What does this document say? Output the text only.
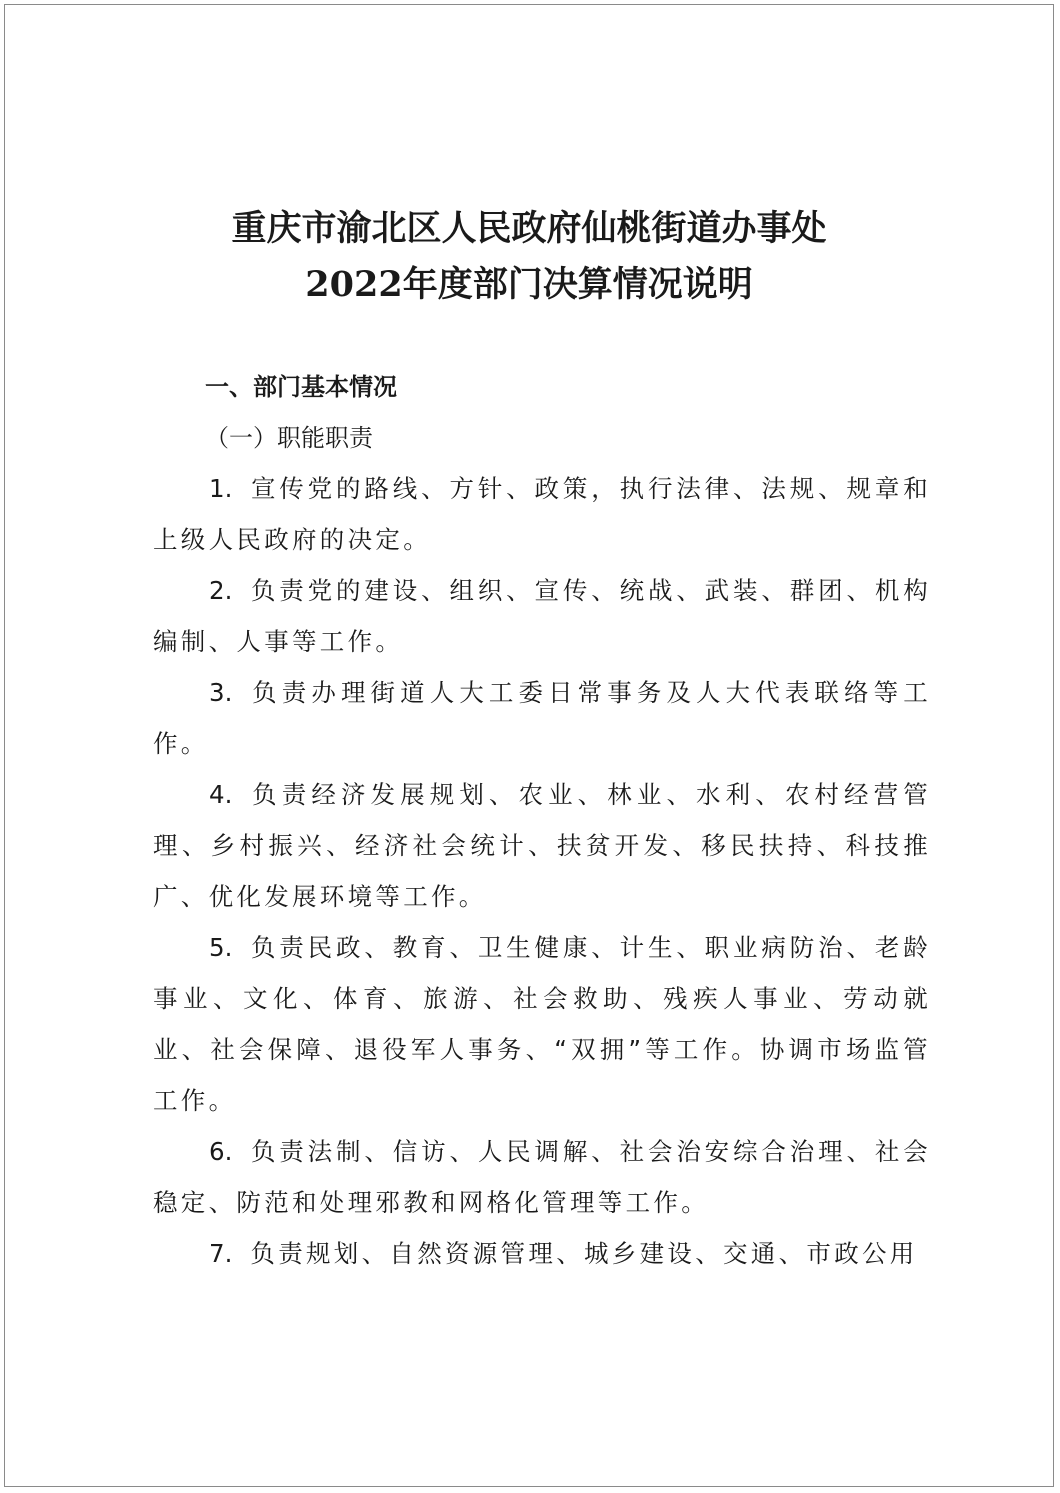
重庆市渝北区人民政府仙桃街道办事处
2022年度部门决算情况说明
一、部门基本情况
（一）职能职责

1. 宣传党的路线、方针、政策，执行法律、法规、规章和上级人民政府的决定。

2. 负责党的建设、组织、宣传、统战、武装、群团、机构编制、人事等工作。

3. 负责办理街道人大工委日常事务及人大代表联络等工作。

4. 负责经济发展规划、农业、林业、水利、农村经营管理、乡村振兴、经济社会统计、扶贫开发、移民扶持、科技推广、优化发展环境等工作。

5. 负责民政、教育、卫生健康、计生、职业病防治、老龄事业、文化、体育、旅游、社会救助、残疾人事业、劳动就业、社会保障、退役军人事务、“双拥”等工作。协调市场监管工作。

6. 负责法制、信访、人民调解、社会治安综合治理、社会稳定、防范和处理邪教和网格化管理等工作。

7. 负责规划、自然资源管理、城乡建设、交通、市政公用
